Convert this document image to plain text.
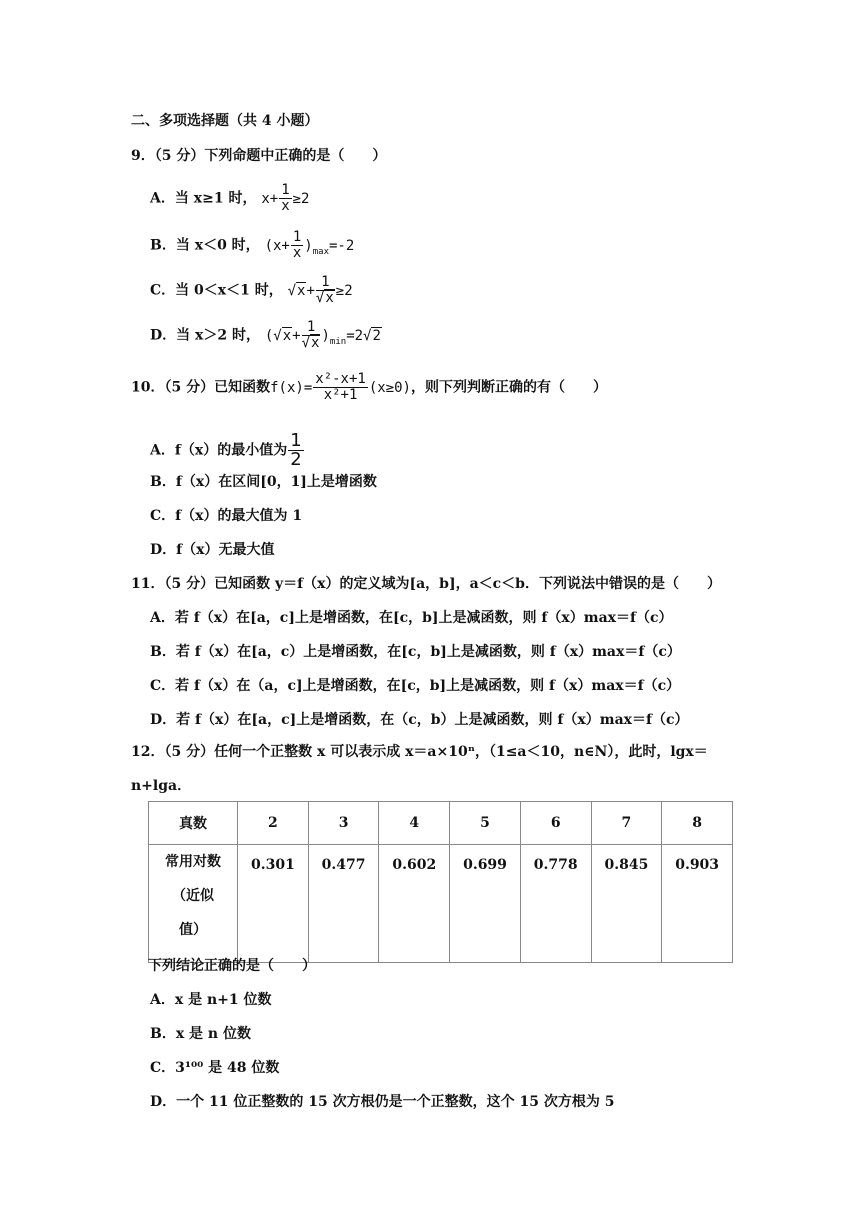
二、多项选择题（共 4 小题）
9．（5 分）下列命题中正确的是（　　）
A．当 x≥1 时， $x+ \frac{1}{x} \ge 2$
B．当 x＜0 时， $(x+ \frac{1}{x} )_{max}=-2$
C．当 0＜x＜1 时， $√x+ \frac{1}{√x} \ge 2$
D．当 x＞2 时， $(√x+ \frac{1}{√x} )_{min}=2√2$
10．（5 分）已知函数$f(x)= \frac{\text{x²-x+1}}{\text{x²+1}} (x\ge 0)$，则下列判断正确的有（　　）
A．f（x）的最小值为 $\frac{1}{2}$
B．f（x）在区间[0，1]上是增函数
C．f（x）的最大值为 1
D．f（x）无最大值
11．（5 分）已知函数 y＝f（x）的定义域为[a，b]，a＜c＜b．下列说法中错误的是（　　）
A．若 f（x）在[a，c]上是增函数，在[c，b]上是减函数，则 f（x）max＝f（c）
B．若 f（x）在[a，c）上是增函数，在[c，b]上是减函数，则 f（x）max＝f（c）
C．若 f（x）在（a，c]上是增函数，在[c，b]上是减函数，则 f（x）max＝f（c）
D．若 f（x）在[a，c]上是增函数，在（c，b）上是减函数，则 f（x）max＝f（c）
12．（5 分）任何一个正整数 x 可以表示成 x＝a×10ⁿ，（1≤a＜10，n∈N），此时，lgx＝
n+lga．
真数	2	3	4	5	6	7	8

常用对数
（近似
值）	0.301	0.477	0.602	0.699	0.778	0.845	0.903
下列结论正确的是（　　）
A．x 是 n+1 位数
B．x 是 n 位数
C．3¹⁰⁰ 是 48 位数
D．一个 11 位正整数的 15 次方根仍是一个正整数，这个 15 次方根为 5
